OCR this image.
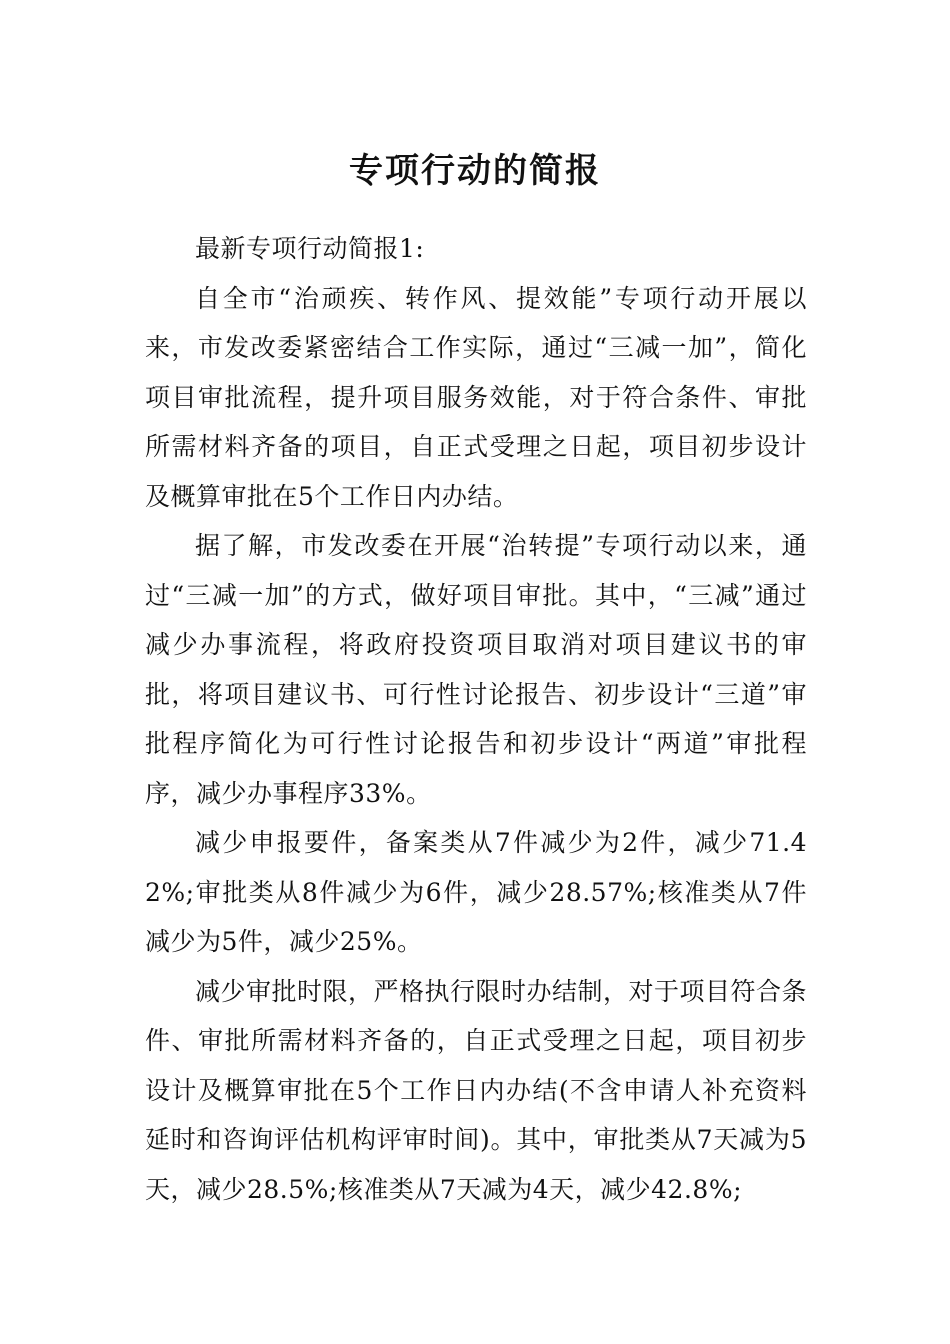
专项行动的简报

最新专项行动简报1:

自全市“治顽疾、转作风、提效能”专项行动开展以来，市发改委紧密结合工作实际，通过“三减一加”，简化项目审批流程，提升项目服务效能，对于符合条件、审批所需材料齐备的项目，自正式受理之日起，项目初步设计及概算审批在5个工作日内办结。

据了解，市发改委在开展“治转提”专项行动以来，通过“三减一加”的方式，做好项目审批。其中，“三减”通过减少办事流程，将政府投资项目取消对项目建议书的审批，将项目建议书、可行性讨论报告、初步设计“三道”审批程序简化为可行性讨论报告和初步设计“两道”审批程序，减少办事程序33%。

减少申报要件，备案类从7件减少为2件，减少71.42%;审批类从8件减少为6件，减少28.57%;核准类从7件减少为5件，减少25%。

减少审批时限，严格执行限时办结制，对于项目符合条件、审批所需材料齐备的，自正式受理之日起，项目初步设计及概算审批在5个工作日内办结(不含申请人补充资料延时和咨询评估机构评审时间)。其中，审批类从7天减为5天，减少28.5%;核准类从7天减为4天，减少42.8%;
